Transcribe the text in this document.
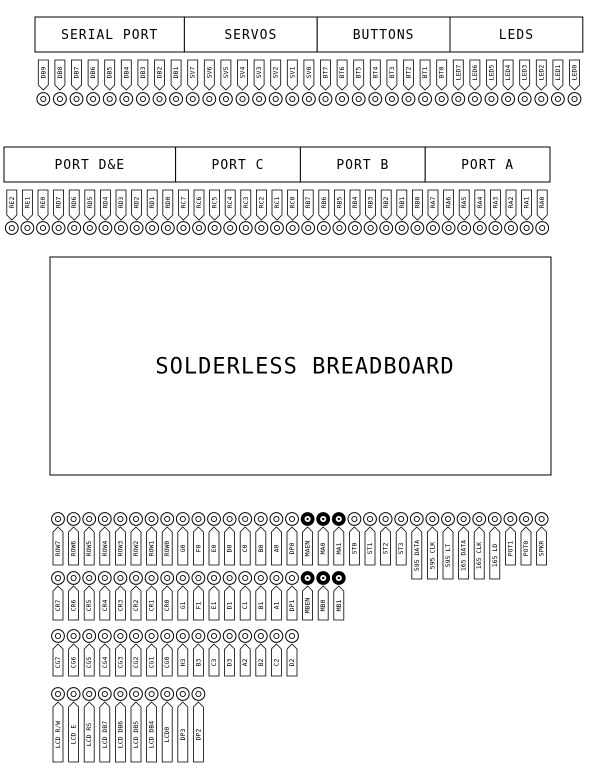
SERIAL PORT
DB9 DB8 DB7 DB6 DB5 DB4 DB3 DB2 DB1
SERVOS
SV7 SV6 SV5 SV4 SV3 SV2 SV1 SV0
BUTTONS
BT7 BT6 BT5 BT4 BT3 BT2 BT1 BT0
LEDS
LED7 LED6 LED5 LED4 LED3 LED2 LED1 LED0
PORT D&E
RE2 RE1 RE0 RD7 RD6 RD5 RD4 RD3 RD2 RD1 RD0
PORT C
RC7 RC6 RC5 RC4 RC3 RC2 RC1 RC0
PORT B
RB7 RB6 RB5 RB4 RB3 RB2 RB1 RB0
PORT A
RA7 RA6 RA5 RA4 RA3 RA2 RA1 RA0
SOLDERLESS BREADBOARD
ROW7 ROW6 ROW5 ROW4 ROW3 ROW2 ROW1 ROW0 G0 F0 E0 D0 C0 B0 A0 DP0 MAEN MA0 MA1 ST0 ST1 ST2 ST3 595 DATA 595 CLK 595 LT 165 DATA 165 CLK 165 LD POT1 POT0 SPKR
CR7 CR6 CR5 CR4 CR3 CR2 CR1 CR0 G1 F1 E1 D1 C1 B1 A1 DP1 MBEN MB0 MB1
CG7 CG6 CG5 CG4 CG3 CG2 CG1 CG0 H3 B3 C3 D3 A2 B2 C2 D2
LCD R/W LCD E LCD RS LCD DB7 LCD DB6 LCD DB5 LCD DB4 LCD0 DP3 DP2
